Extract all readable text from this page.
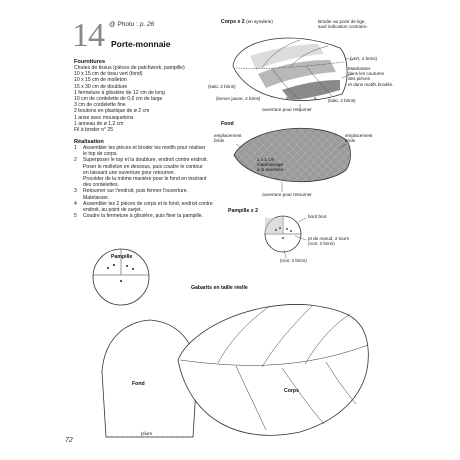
14 @ Photo : p. 26
Porte-monnaie
Fournitures
Chutes de tissus (pièces de patchwork, pampille)
10 x 15 cm de tissu vert (fond)
10 x 15 cm de molleton
15 x 30 cm de doublure
1 fermeture à glissière de 12 cm de long
10 cm de cordelette de 0,6 cm de large
3 cm de cordelette fine
2 boutons en plastique de ø 2 cm
1 anse avec mousquetons
1 anneau de ø 1,2 cm
Fil à broder n° 25
Réalisation
1 Assembler les pièces et broder les motifs pour réaliser
le top de corps.
2 Superposer le top et la doublure, endroit contre endroit.
Poser le molleton en dessous, puis coudre le contour
en laissant une ouverture pour retourner.
Procéder de la même manière pour le fond en insérant
des cordelettes.
3 Retourner sur l'endroit, puis fermer l'ouverture.
Matelasser.
4 Assembler les 2 pièces de corps et le fond, endroit contre
endroit, au point de surjet.
5 Coudre la fermeture à glissière, puis fixer la pampille.
Corps x 2 (en symétrie)	Broder au point de tige,
sauf indication contraire.
(vert, 4 brins)
Matelasser
dans les coutures
des pièces
et dans motifs brodés.
(kaki, 2 brins)
(kaki, 2 brins)
(lemon jaune, 2 brins)	5	5
ouverture pour retourner
Fond
emplacement
bride
emplacement
bride
1 x 1 cm
matelassage
à la machine
ouverture pour retourner
Pampille x 2
bord brut
pt de noeud, 2 tours
(noir, 2 brins)
(noir, 2 brins)
Gabarits en taille réelle
Pampille
Fond
Corps
pliure
72
